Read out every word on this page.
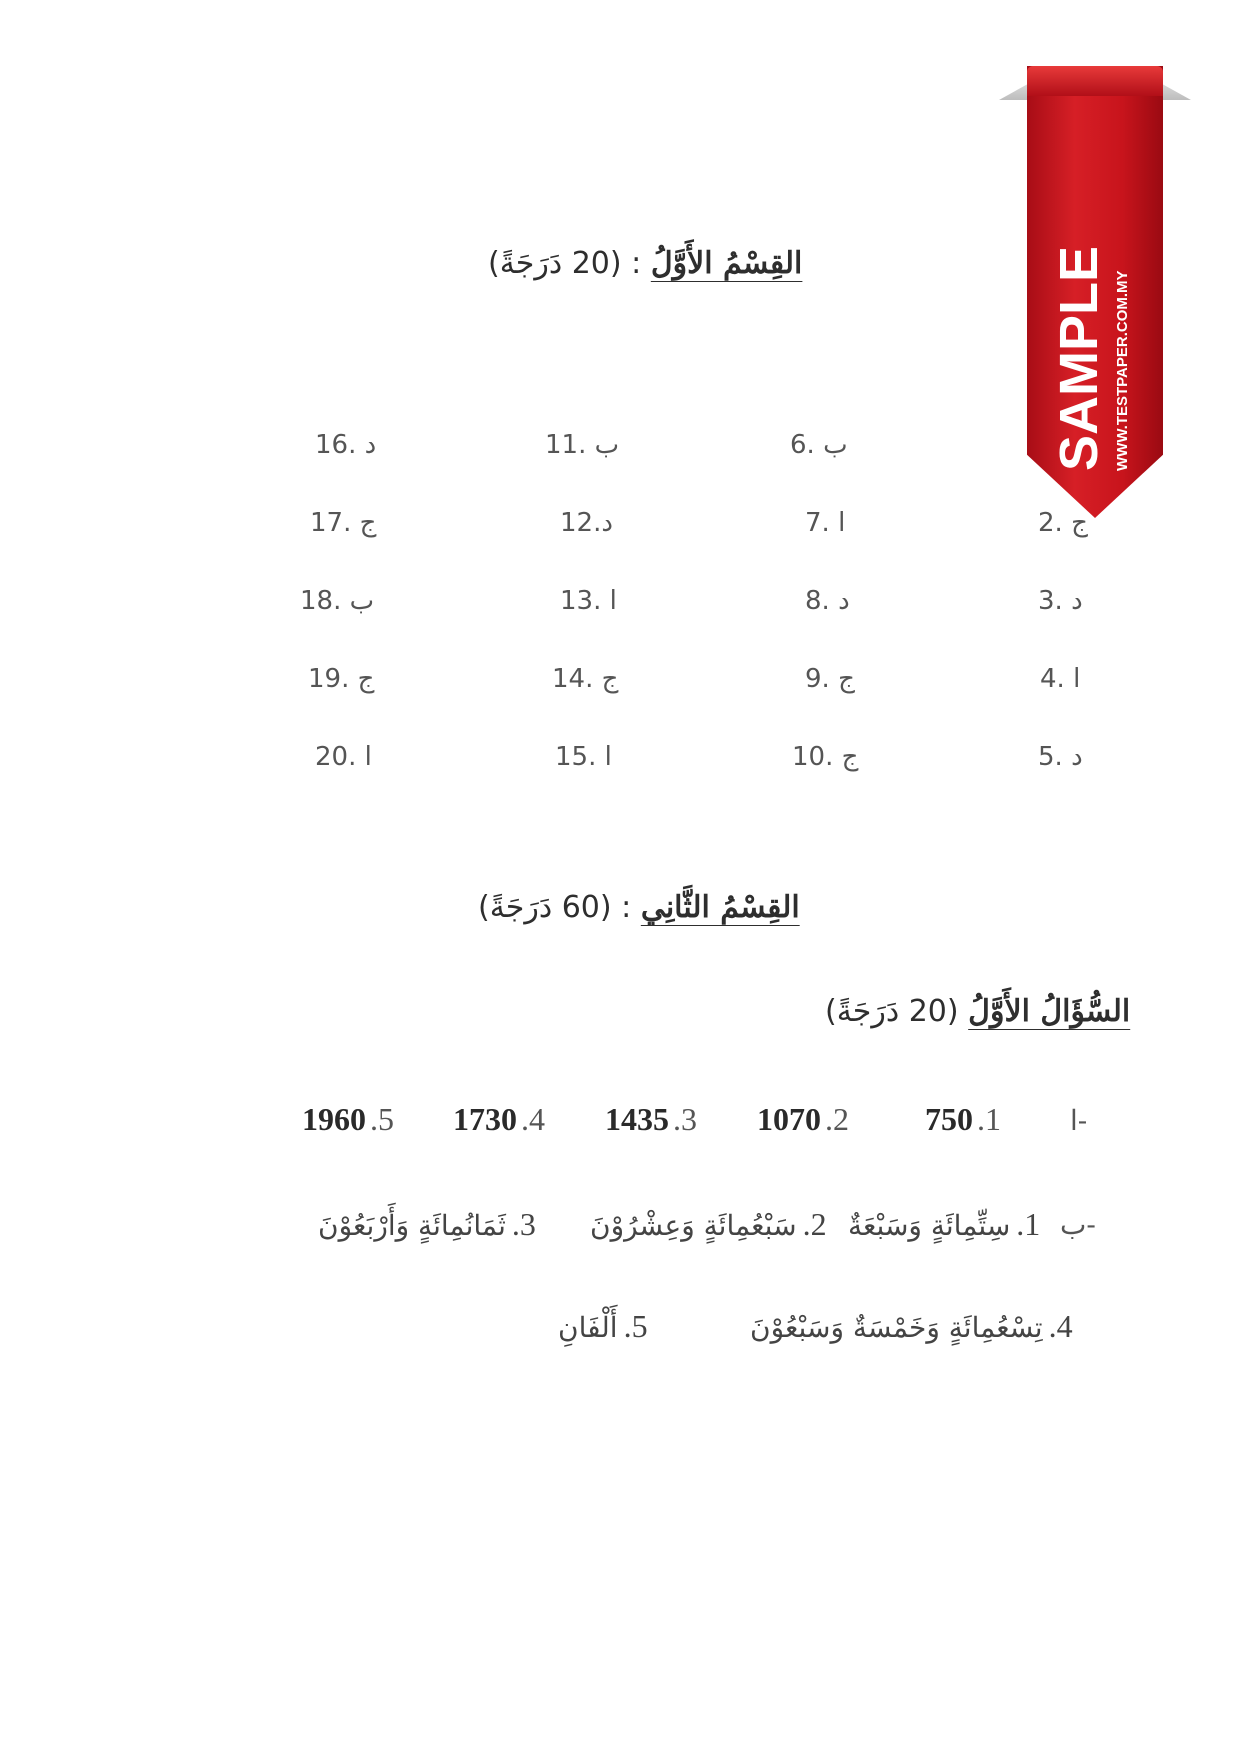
القِسْمُ الأَوَّلُ : (20 دَرَجَةً)
6. ب
11. ب
16. د
2. ج
7. ا
12.د
17. ج
3. د
8. د
13. ا
18. ب
4. ا
9. ج
14. ج
19. ج
5. د
10. ج
15. ا
20. ا
القِسْمُ الثَّانِي : (60 دَرَجَةً)
السُّؤَالُ الأَوَّلُ (20 دَرَجَةً)
ا-
750 .1
1070 .2
1435 .3
1730 .4
1960 .5
ب-
1.سِتِّمِائَةٍ وَسَبْعَةٌ
2.سَبْعُمِائَةٍ وَعِشْرُوْنَ
3.ثَمَانُمِائَةٍ وَأَرْبَعُوْنَ
4.تِسْعُمِائَةٍ وَخَمْسَةٌ وَسَبْعُوْنَ
5.أَلْفَانِ
SAMPLE WWW.TESTPAPER.COM.MY
